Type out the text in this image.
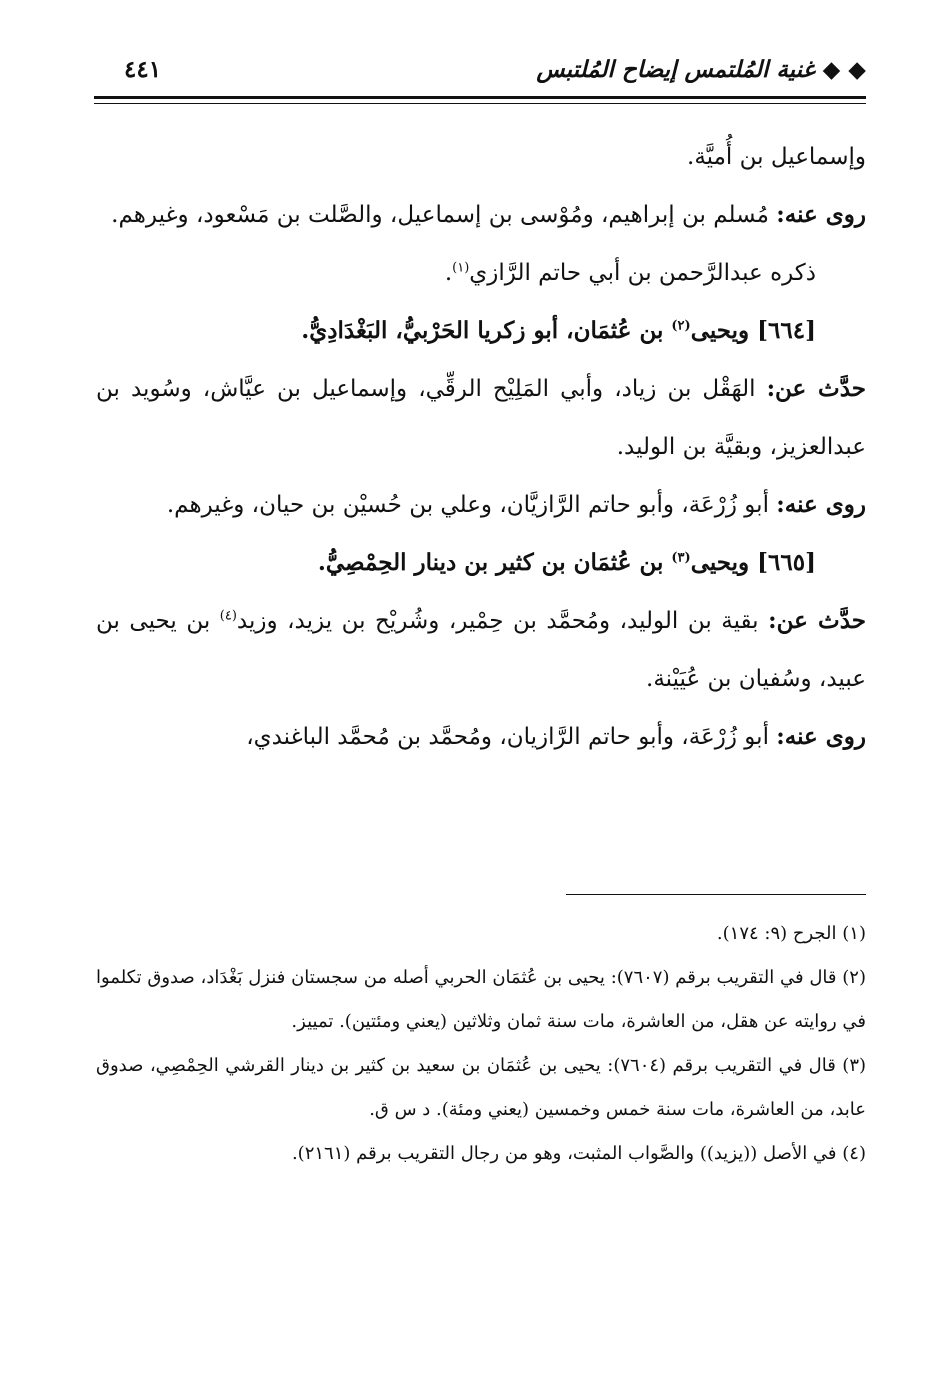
◆ ◆ غنية المُلتمس إيضاح المُلتبس
٤٤١

وإسماعيل بن أُميَّة.

روى عنه: مُسلم بن إبراهيم، ومُوْسى بن إسماعيل، والصَّلت بن مَسْعود، وغيرهم.

ذكره عبدالرَّحمن بن أبي حاتم الرَّازي$^{(١)}$.

[٦٦٤] ويحيى$^{(٢)}$ بن عُثمَان، أبو زكريا الحَرْبيُّ، البَغْدَادِيُّ.

حدَّث عن: الهَقْل بن زياد، وأبي المَلِيْح الرقِّي، وإسماعيل بن عيَّاش، وسُويد بن عبدالعزيز، وبقيَّة بن الوليد.

روى عنه: أبو زُرْعَة، وأبو حاتم الرَّازيَّان، وعلي بن حُسيْن بن حيان، وغيرهم.

[٦٦٥] ويحيى$^{(٣)}$ بن عُثمَان بن كثير بن دينار الحِمْصِيُّ.

حدَّث عن: بقية بن الوليد، ومُحمَّد بن حِمْير، وشُريْح بن يزيد، وزيد$^{(٤)}$ بن يحيى بن عبيد، وسُفيان بن عُيَيْنة.

روى عنه: أبو زُرْعَة، وأبو حاتم الرَّازيان، ومُحمَّد بن مُحمَّد الباغندي،

(١) الجرح (٩: ١٧٤).

(٢) قال في التقريب برقم (٧٦٠٧): يحيى بن عُثمَان الحربي أصله من سجستان فنزل بَغْدَاد، صدوق تكلموا في روايته عن هقل، من العاشرة، مات سنة ثمان وثلاثين (يعني ومئتين). تمييز.

(٣) قال في التقريب برقم (٧٦٠٤): يحيى بن عُثمَان بن سعيد بن كثير بن دينار القرشي الحِمْصِي، صدوق عابد، من العاشرة، مات سنة خمس وخمسين (يعني ومئة). د س ق.

(٤) في الأصل ((يزيد)) والصَّواب المثبت، وهو من رجال التقريب برقم (٢١٦١).
